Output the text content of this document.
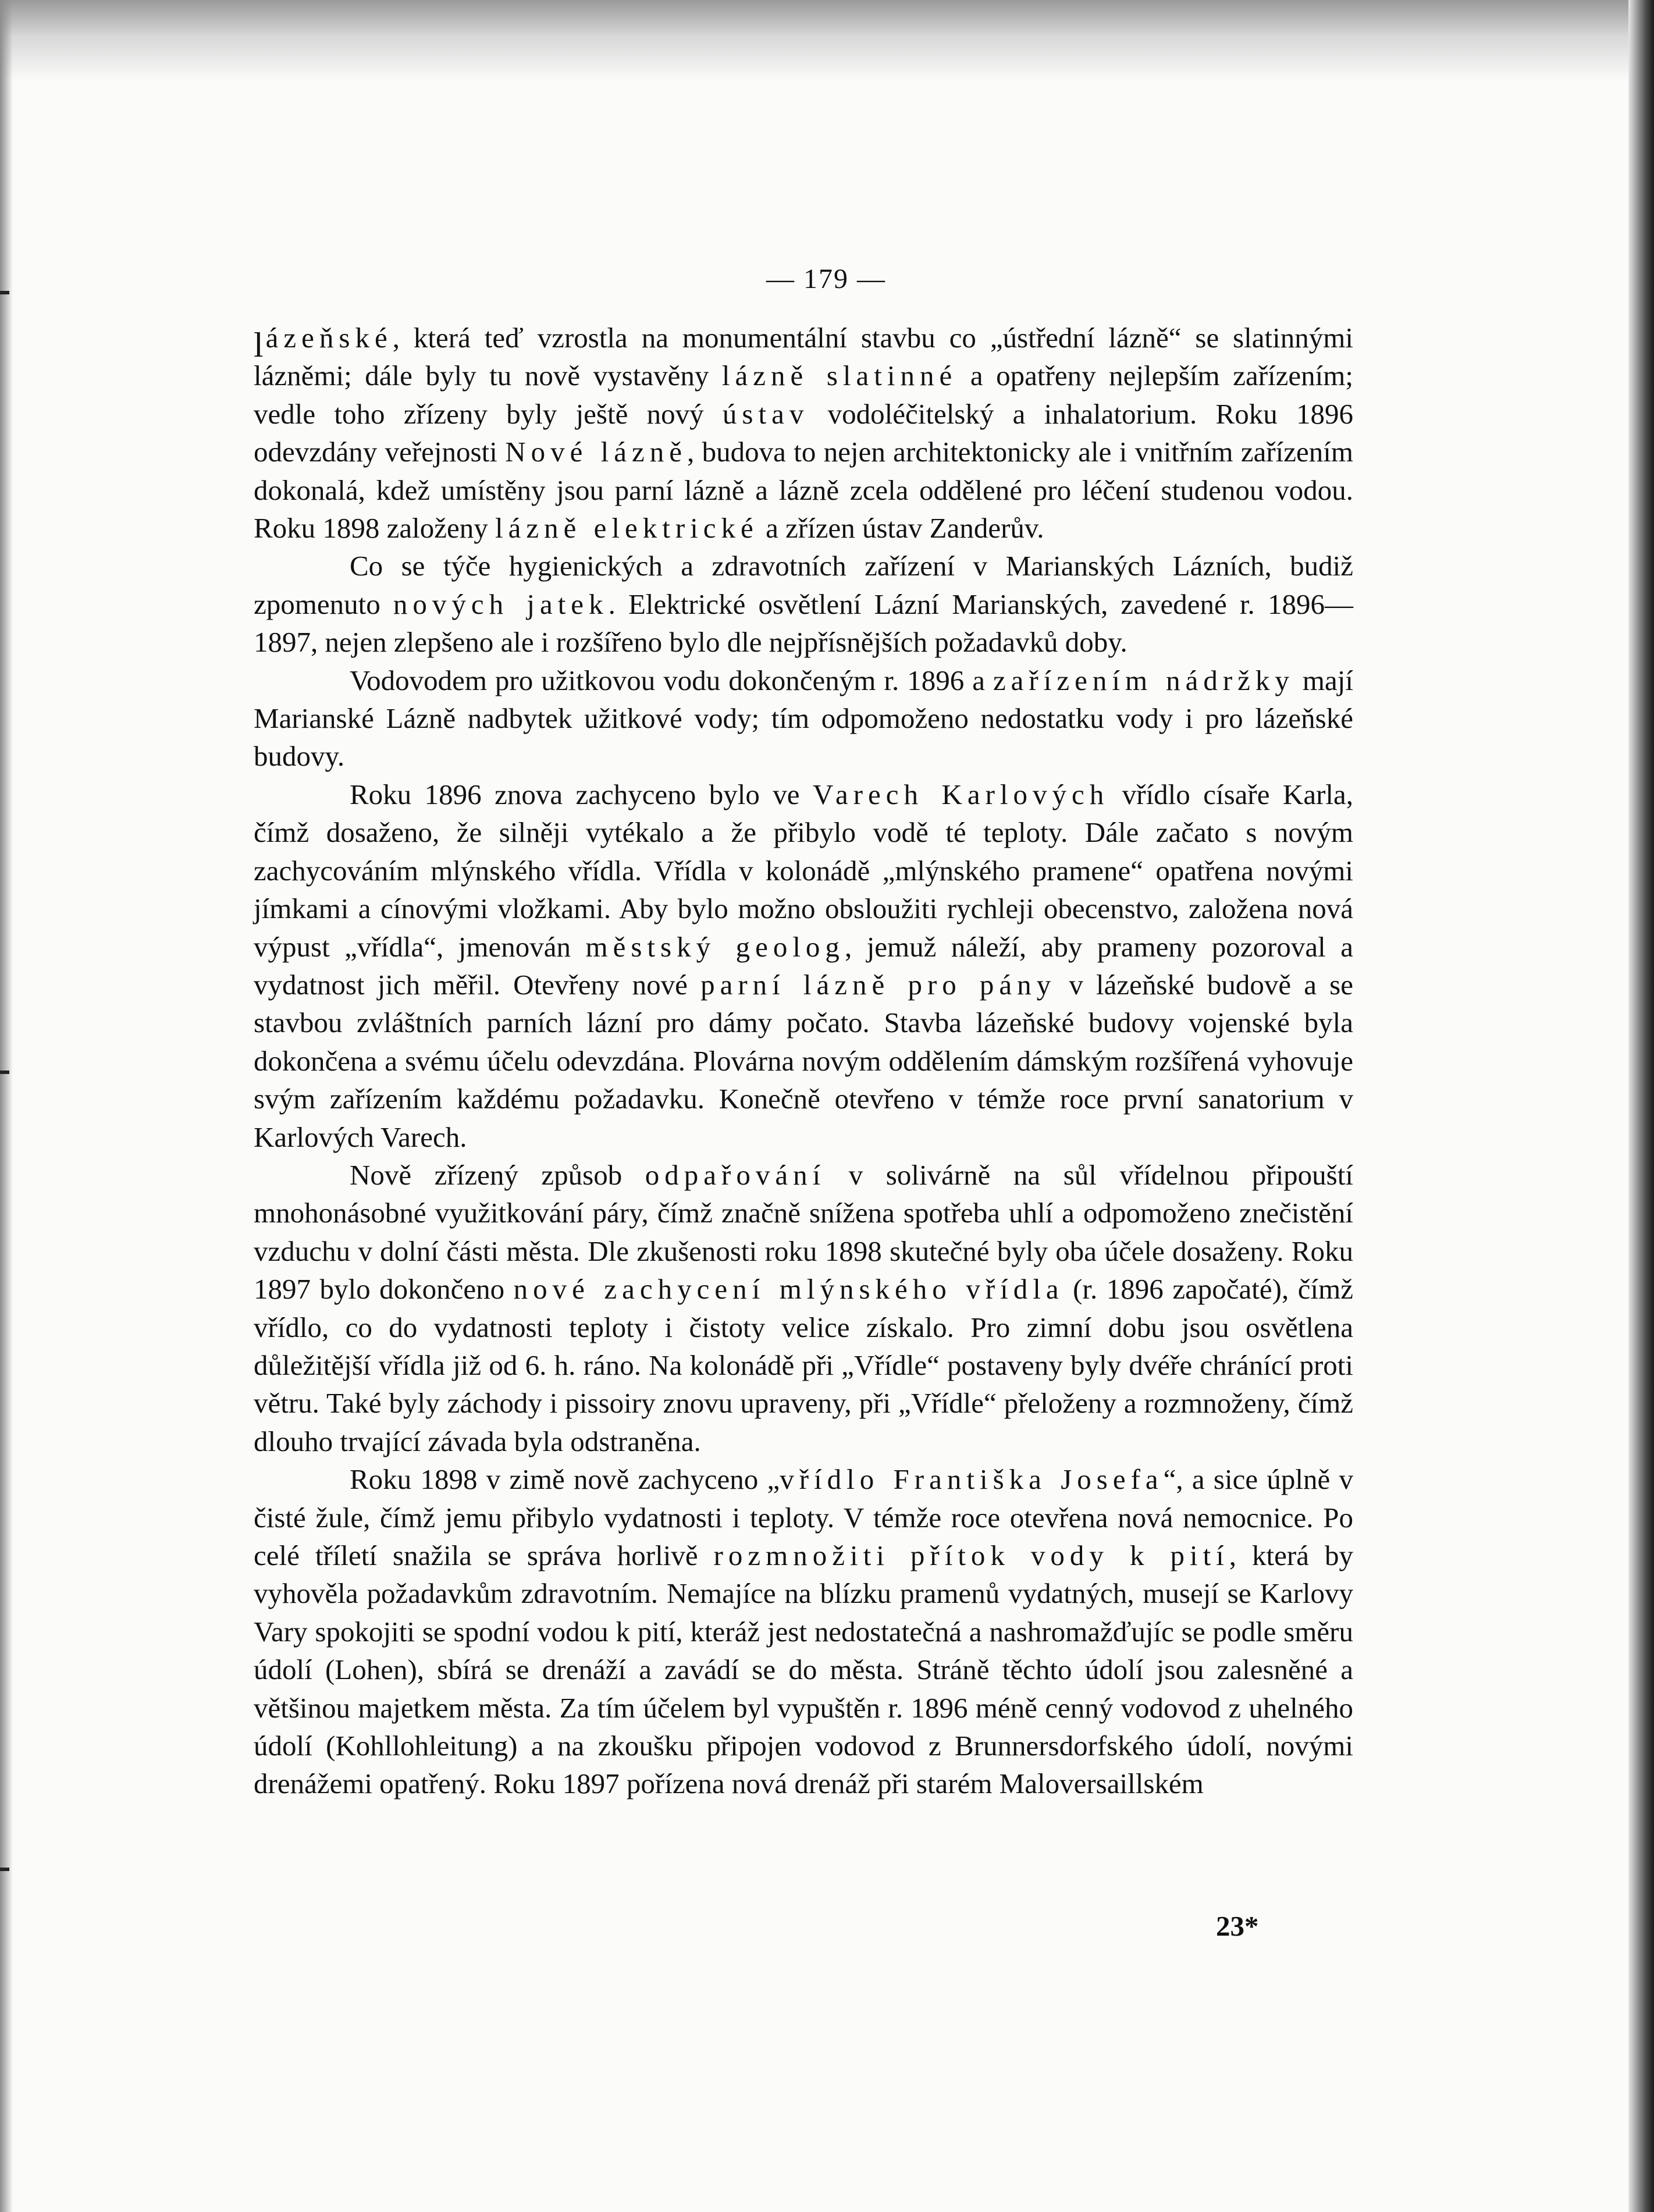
— 179 —

lázeňské, která teď vzrostla na monumentální stavbu co „ústřední lázně“ se slatinnými lázněmi; dále byly tu nově vystavěny lázně slatinné a opatřeny nejlepším zařízením; vedle toho zřízeny byly ještě nový ústav vodoléčitelský a inhalatorium. Roku 1896 odevzdány veřejnosti Nové lázně, budova to nejen architektonicky ale i vnitřním zařízením dokonalá, kdež umístěny jsou parní lázně a lázně zcela oddělené pro léčení studenou vodou. Roku 1898 založeny lázně elektrické a zřízen ústav Zanderův.

Co se týče hygienických a zdravotních zařízení v Marianských Lázních, budiž zpomenuto nových jatek. Elektrické osvětlení Lázní Marianských, zavedené r. 1896—1897, nejen zlepšeno ale i rozšířeno bylo dle nejpřísnějších požadavků doby.

Vodovodem pro užitkovou vodu dokončeným r. 1896 a zařízením nádržky mají Marianské Lázně nadbytek užitkové vody; tím odpomoženo nedostatku vody i pro lázeňské budovy.

Roku 1896 znova zachyceno bylo ve Varech Karlových vřídlo císaře Karla, čímž dosaženo, že silněji vytékalo a že přibylo vodě té teploty. Dále začato s novým zachycováním mlýnského vřídla. Vřídla v kolonádě „mlýnského pramene“ opatřena novými jímkami a cínovými vložkami. Aby bylo možno obsloužiti rychleji obecenstvo, založena nová výpust „vřídla“, jmenován městský geolog, jemuž náleží, aby prameny pozoroval a vydatnost jich měřil. Otevřeny nové parní lázně pro pány v lázeňské budově a se stavbou zvláštních parních lázní pro dámy počato. Stavba lázeňské budovy vojenské byla dokončena a svému účelu odevzdána. Plovárna novým oddělením dámským rozšířená vyhovuje svým zařízením každému požadavku. Konečně otevřeno v témže roce první sanatorium v Karlových Varech.

Nově zřízený způsob odpařování v solivárně na sůl vřídelnou připouští mnohonásobné využitkování páry, čímž značně snížena spotřeba uhlí a odpomoženo znečistění vzduchu v dolní části města. Dle zkušenosti roku 1898 skutečné byly oba účele dosaženy. Roku 1897 bylo dokončeno nové zachycení mlýnského vřídla (r. 1896 započaté), čímž vřídlo, co do vydatnosti teploty i čistoty velice získalo. Pro zimní dobu jsou osvětlena důležitější vřídla již od 6. h. ráno. Na kolonádě při „Vřídle“ postaveny byly dvéře chránící proti větru. Také byly záchody i pissoiry znovu upraveny, při „Vřídle“ přeloženy a rozmnoženy, čímž dlouho trvající závada byla odstraněna.

Roku 1898 v zimě nově zachyceno „vřídlo Františka Josefa“, a sice úplně v čisté žule, čímž jemu přibylo vydatnosti i teploty. V témže roce otevřena nová nemocnice. Po celé tříletí snažila se správa horlivě rozmnožiti přítok vody k pití, která by vyhověla požadavkům zdravotním. Nemajíce na blízku pramenů vydatných, musejí se Karlovy Vary spokojiti se spodní vodou k pití, kteráž jest nedostatečná a nashromažďujíc se podle směru údolí (Lohen), sbírá se drenáží a zavádí se do města. Stráně těchto údolí jsou zalesněné a většinou majetkem města. Za tím účelem byl vypuštěn r. 1896 méně cenný vodovod z uhelného údolí (Kohllohleitung) a na zkoušku připojen vodovod z Brunnersdorfského údolí, novými drenážemi opatřený. Roku 1897 pořízena nová drenáž při starém Maloversaillském

23*
